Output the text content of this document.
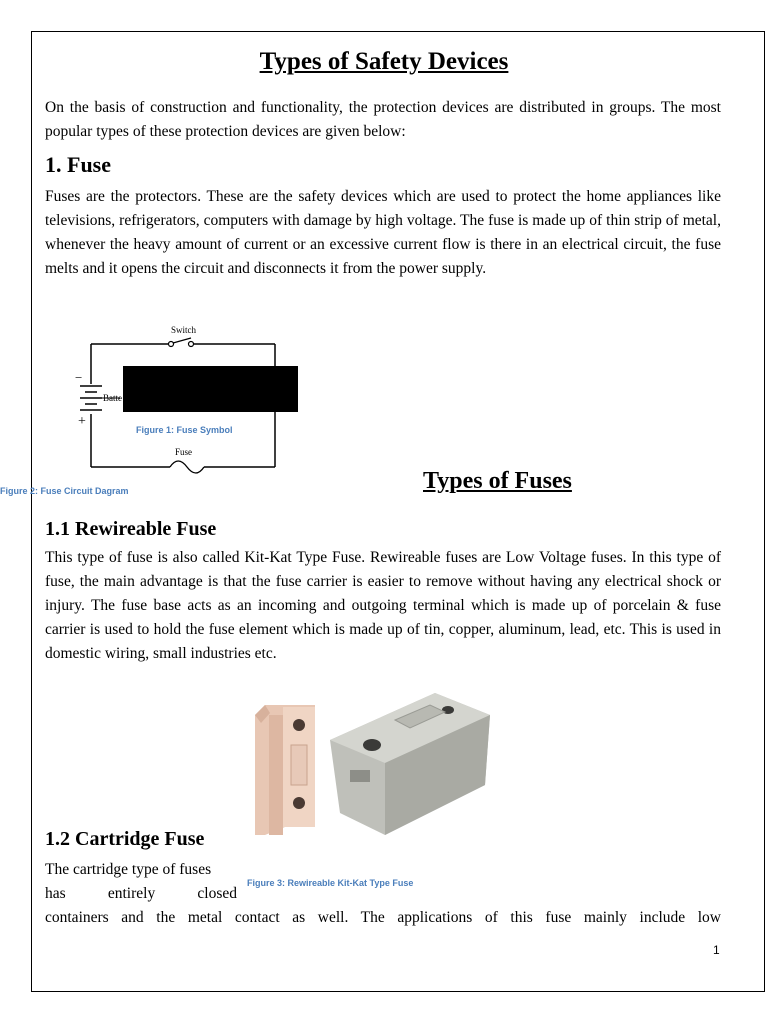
Types of Safety Devices

On the basis of construction and functionality, the protection devices are distributed in groups. The most popular types of these protection devices are given below:

1. Fuse

Fuses are the protectors. These are the safety devices which are used to protect the home appliances like televisions, refrigerators, computers with damage by high voltage. The fuse is made up of thin strip of metal, whenever the heavy amount of current or an excessive current flow is there in an electrical circuit, the fuse melts and it opens the circuit and disconnects it from the power supply.

Switch
Batte
Fuse
−
+
Figure 1: Fuse Symbol
Figure 2: Fuse Circuit Dagram	Types of Fuses
1.1 Rewireable Fuse

This type of fuse is also called Kit-Kat Type Fuse. Rewireable fuses are Low Voltage fuses. In this type of fuse, the main advantage is that the fuse carrier is easier to remove without having any electrical shock or injury. The fuse base acts as an incoming and outgoing terminal which is made up of porcelain & fuse carrier is used to hold the fuse element which is made up of tin, copper, aluminum, lead, etc. This is used in domestic wiring, small industries etc.

1.2 Cartridge Fuse

The cartridge type of fuses

has entirely closed

Figure 3: Rewireable Kit-Kat Type Fuse

containers and the metal contact as well. The applications of this fuse mainly include low

1
